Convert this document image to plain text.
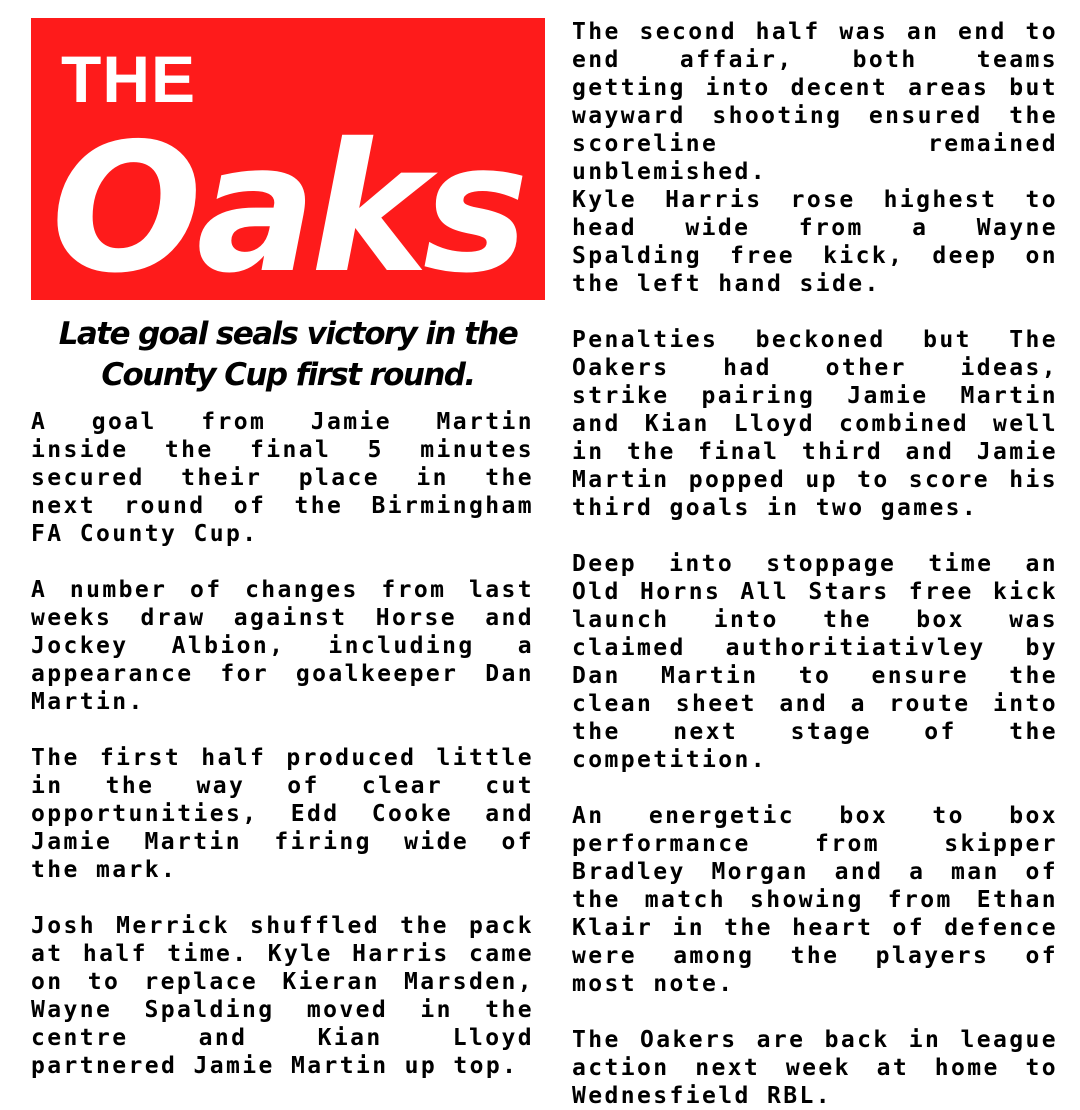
THE
Oaks
Late goal seals victory in the
County Cup first round.

A goal from Jamie Martin inside the final 5 minutes secured their place in the next round of the Birmingham FA County Cup.

A number of changes from last weeks draw against Horse and Jockey Albion, including a appearance for goalkeeper Dan Martin.

The first half produced little in the way of clear cut opportunities, Edd Cooke and Jamie Martin firing wide of the mark.

Josh Merrick shuffled the pack at half time. Kyle Harris came on to replace Kieran Marsden, Wayne Spalding moved in the centre and Kian Lloyd partnered Jamie Martin up top.

The second half was an end to end affair, both teams getting into decent areas but wayward shooting ensured the scoreline remained unblemished.

Kyle Harris rose highest to head wide from a Wayne Spalding free kick, deep on the left hand side.

Penalties beckoned but The Oakers had other ideas, strike pairing Jamie Martin and Kian Lloyd combined well in the final third and Jamie Martin popped up to score his third goals in two games.

Deep into stoppage time an Old Horns All Stars free kick launch into the box was claimed authoritiativley by Dan Martin to ensure the clean sheet and a route into the next stage of the competition.

An energetic box to box performance from skipper Bradley Morgan and a man of the match showing from Ethan Klair in the heart of defence were among the players of most note.

The Oakers are back in league action next week at home to Wednesfield RBL.
